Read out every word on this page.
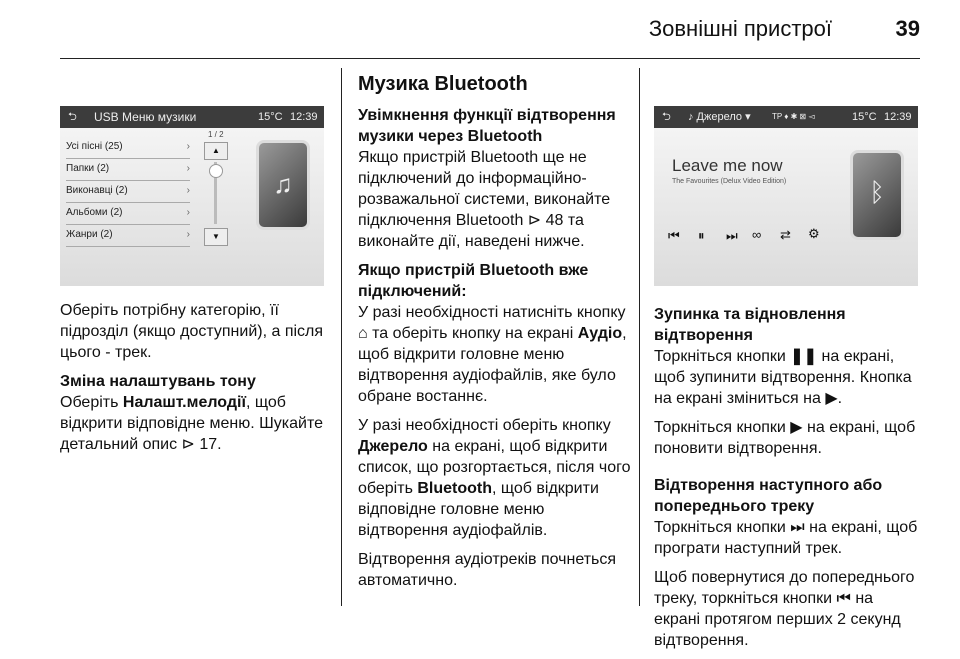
Зовнішні пристрої	39
⮌ USB Меню музики	15°C 12:39
Усі пісні (25)	›
Папки (2)	›
Виконавці (2)	›
Альбоми (2)	›
Жанри (2)	›
1 / 2
▲
▼
♫
⮌ ♪ Джерело ▾	TP ♦ ✱ ⊠ ◅	15°C 12:39
Leave me now
The Favourites (Delux Video Edition)	ᛒ
⏮ ⏸ ⏭ ∞ ⇄ ⚙

Оберіть потрібну категорію, її підрозділ (якщо доступний), а після цього - трек.

Зміна налаштувань тону

Оберіть Налашт.мелодії, щоб відкрити відповідне меню. Шукайте детальний опис ⊳ 17.

Музика Bluetooth
Увімкнення функції відтворення музики через Bluetooth

Якщо пристрій Bluetooth ще не підключений до інформаційно-розважальної системи, виконайте підключення Bluetooth ⊳ 48 та виконайте дії, наведені нижче.

Якщо пристрій Bluetooth вже підключений:

У разі необхідності натисніть кнопку ⌂ та оберіть кнопку на екрані Аудіо, щоб відкрити головне меню відтворення аудіофайлів, яке було обране востаннє.

У разі необхідності оберіть кнопку Джерело на екрані, щоб відкрити список, що розгортається, після чого оберіть Bluetooth, щоб відкрити відповідне головне меню відтворення аудіофайлів.

Відтворення аудіотреків почнеться автоматично.

Зупинка та відновлення відтворення

Торкніться кнопки ❚❚ на екрані, щоб зупинити відтворення. Кнопка на екрані зміниться на ▶.

Торкніться кнопки ▶ на екрані, щоб поновити відтворення.

Відтворення наступного або попереднього треку

Торкніться кнопки ⏭ на екрані, щоб програти наступний трек.

Щоб повернутися до попереднього треку, торкніться кнопки ⏮ на екрані протягом перших 2 секунд відтворення.
